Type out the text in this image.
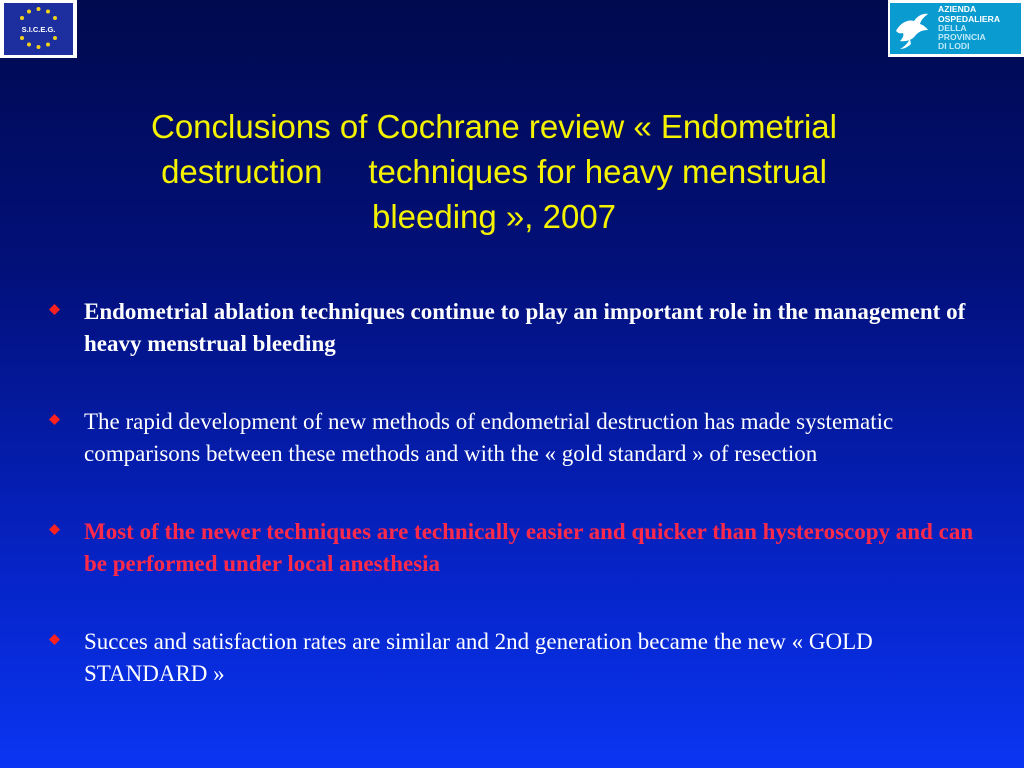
S.I.C.E.G.
AZIENDA
OSPEDALIERA
DELLA
PROVINCIA
DI LODI
Conclusions of Cochrane review « Endometrial
destruction     techniques for heavy menstrual
bleeding », 2007
Endometrial ablation techniques continue to play an important role in the management of heavy menstrual bleeding
The rapid development of new methods of endometrial destruction has made systematic comparisons between these methods and with the « gold standard » of resection
Most of the newer techniques are technically easier and quicker than hysteroscopy and can be performed under local anesthesia
Succes and satisfaction rates are similar and 2nd generation became the new « GOLD STANDARD »
